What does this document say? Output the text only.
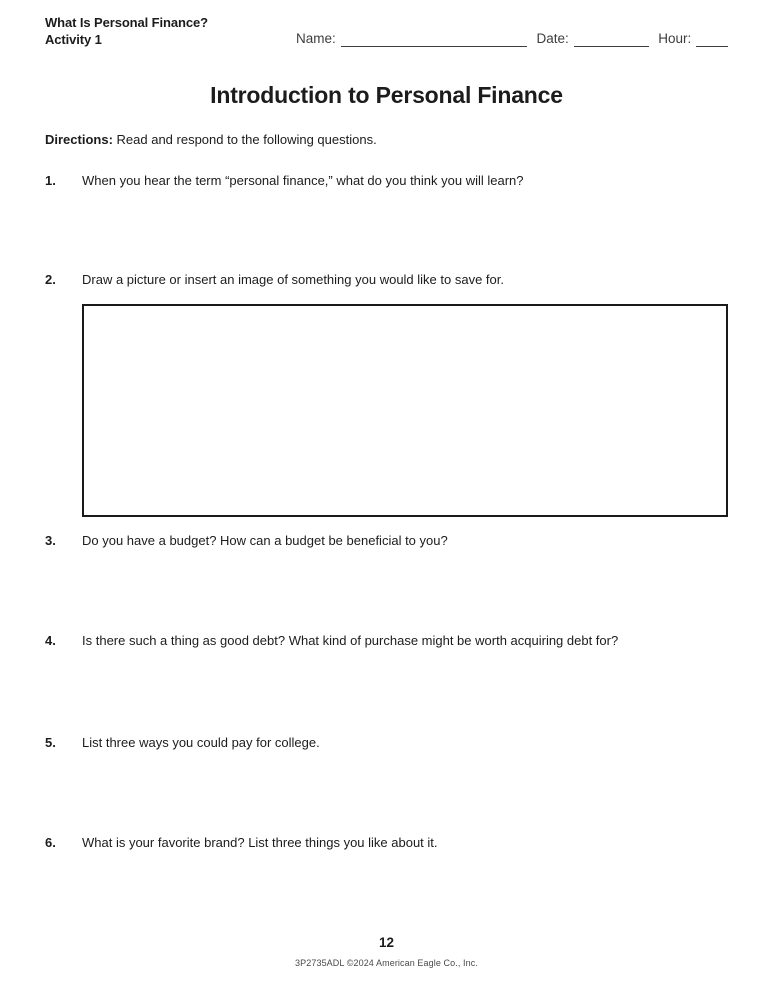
What Is Personal Finance?
Activity 1	Name:	Date:	Hour:
Introduction to Personal Finance
Directions: Read and respond to the following questions.
1.	When you hear the term “personal finance,” what do you think you will learn?
2.	Draw a picture or insert an image of something you would like to save for.
3.	Do you have a budget? How can a budget be beneficial to you?
4.	Is there such a thing as good debt? What kind of purchase might be worth acquiring debt for?
5.	List three ways you could pay for college.
6.	What is your favorite brand? List three things you like about it.
12
3P2735ADL ©2024 American Eagle Co., Inc.
